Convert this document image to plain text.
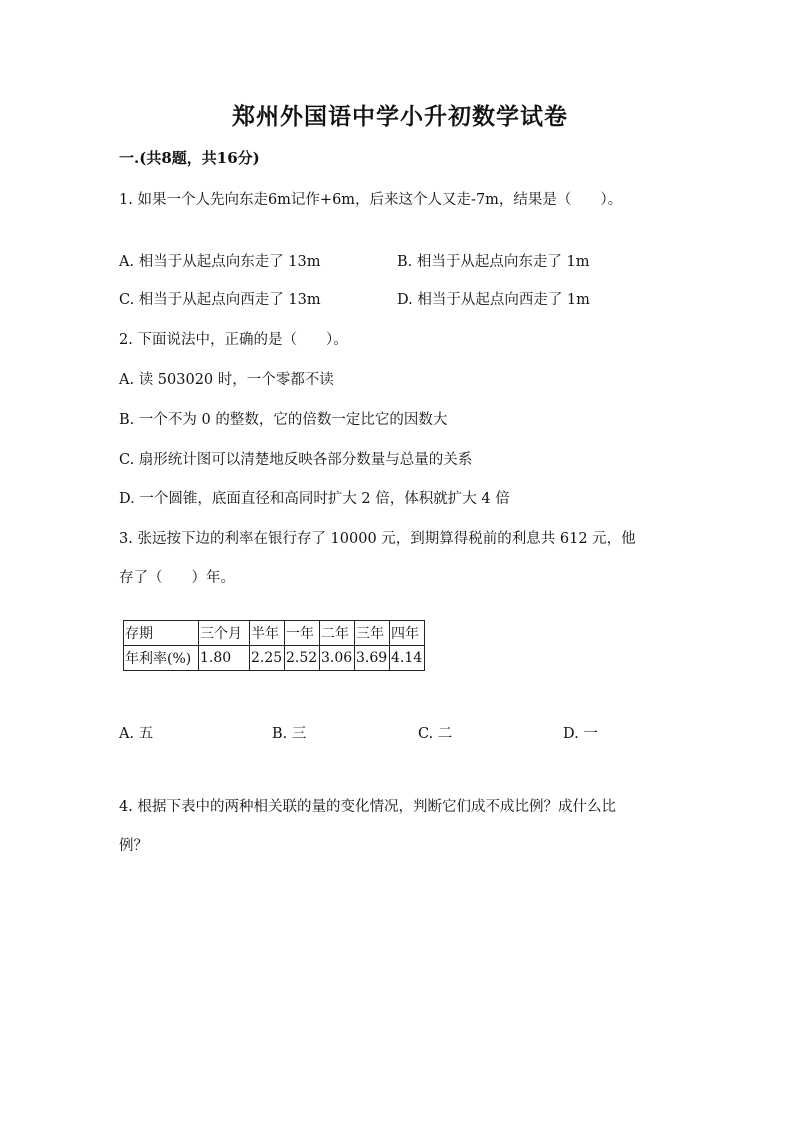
郑州外国语中学小升初数学试卷
一.(共8题，共16分)
1. 如果一个人先向东走6m记作+6m，后来这个人又走-7m，结果是（　　）。
A. 相当于从起点向东走了 13m	B. 相当于从起点向东走了 1m
C. 相当于从起点向西走了 13m	D. 相当于从起点向西走了 1m
2. 下面说法中，正确的是（　　）。
A. 读 503020 时，一个零都不读
B. 一个不为 0 的整数，它的倍数一定比它的因数大
C. 扇形统计图可以清楚地反映各部分数量与总量的关系
D. 一个圆锥，底面直径和高同时扩大 2 倍，体积就扩大 4 倍
3. 张远按下边的利率在银行存了 10000 元，到期算得税前的利息共 612 元，他
存了（　　）年。
存期	三个月	半年	一年	二年	三年	四年
年利率(%)	1.80	2.25	2.52	3.06	3.69	4.14
A. 五	B. 三	C. 二	D. 一
4. 根据下表中的两种相关联的量的变化情况，判断它们成不成比例？成什么比
例？
